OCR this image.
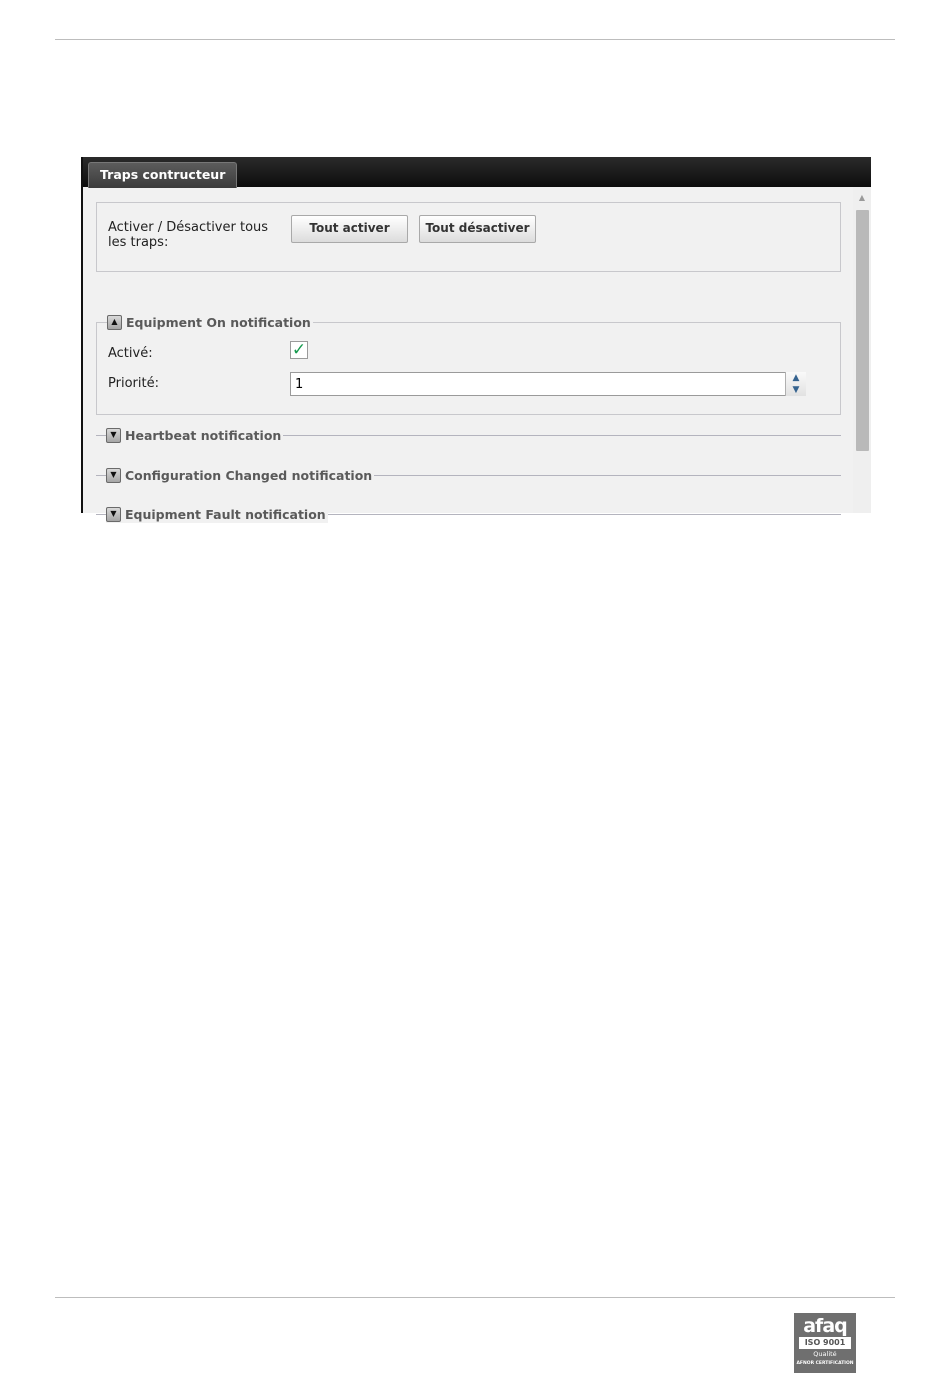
Traps contructeur
Activer / Désactiver tous les traps:
Tout activer	Tout désactiver
▲ Equipment On notification
Activé:	✓
Priorité:
1	▲
▼
▼ Heartbeat notification
▼ Configuration Changed notification
▼ Equipment Fault notification
▲
afaq
ISO 9001
Qualité
AFNOR CERTIFICATION
